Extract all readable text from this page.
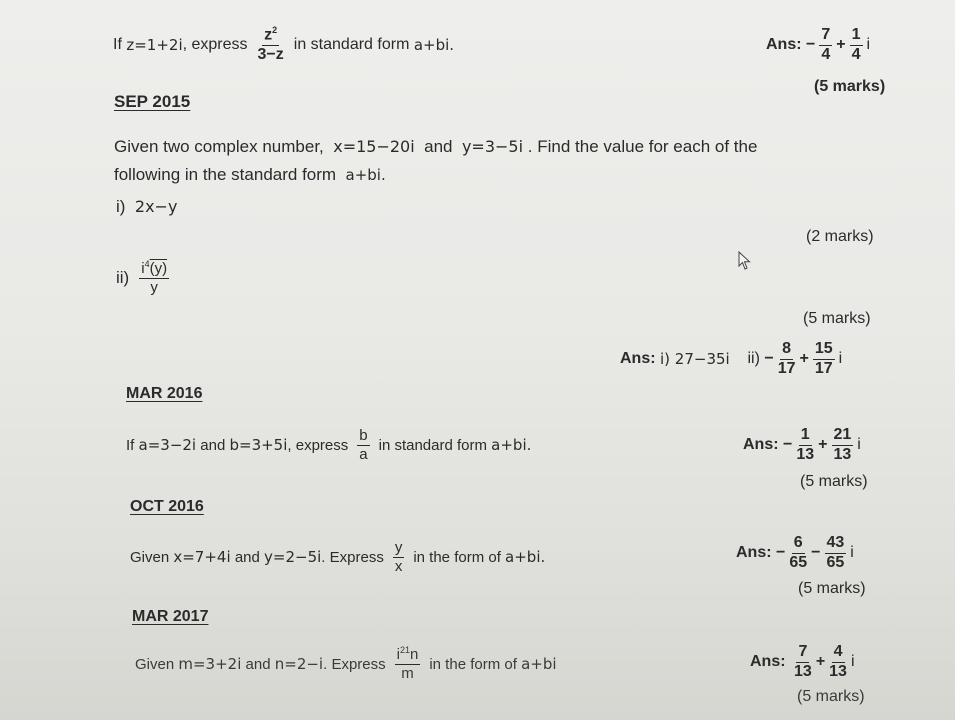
If
z=1+2i , express $\frac{z^2}{3-z}$ in standard form
a+bi.	Ans:
− $\frac{7}{4} + \frac{1}{4}$ i
(5 marks)
SEP 2015
Given two complex number, x=15−20i and y=3−5i . Find the value for each of the
following in the standard form a+bi.
i) 2x−y
(2 marks)
$ii) \frac{i^4(y)}{y}$
(5 marks)
Ans:
i) 27−35i
ii)
− $\frac{8}{17} + \frac{15}{17}$ i
MAR 2016
If
a=3−2i
and
b=3+5i , express $\frac{b}{a}$ in standard form
a+bi.	Ans:
− $\frac{1}{13} + \frac{21}{13}$ i
(5 marks)
OCT 2016
Given
x=7+4i
and
y=2−5i . Express $\frac{y}{x}$ in the form of
a+bi.	Ans:
− $\frac{6}{65} - \frac{43}{65}$ i
(5 marks)
MAR 2017
Given
m=3+2i
and
n=2−i . Express $\frac{i^{21}n}{m}$ in the form of
a+bi	Ans:
$\frac{7}{13} + \frac{4}{13}$ i
(5 marks)
